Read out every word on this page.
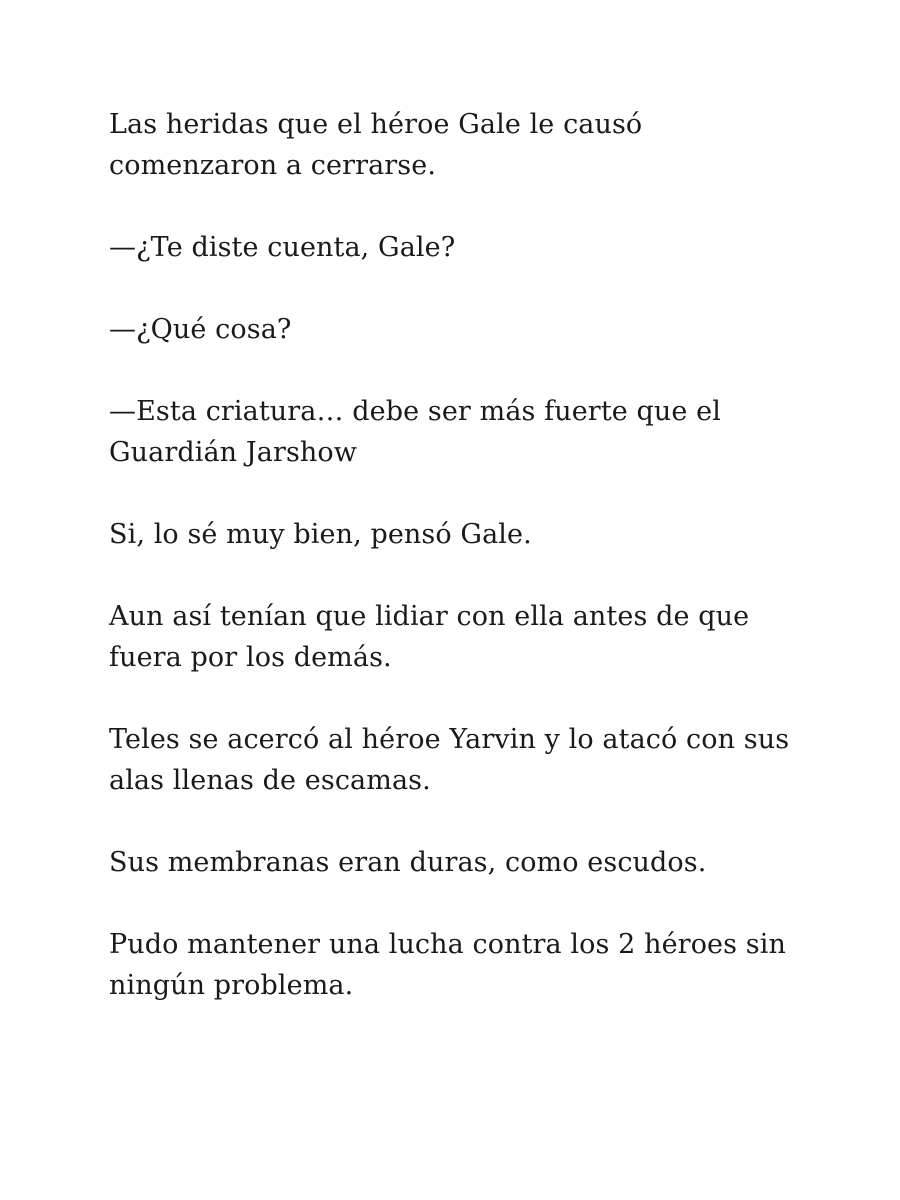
Las heridas que el héroe Gale le causó comenzaron a cerrarse.

—¿Te diste cuenta, Gale?

—¿Qué cosa?

—Esta criatura… debe ser más fuerte que el Guardián Jarshow

Si, lo sé muy bien, pensó Gale.

Aun así tenían que lidiar con ella antes de que fuera por los demás.

Teles se acercó al héroe Yarvin y lo atacó con sus alas llenas de escamas.

Sus membranas eran duras, como escudos.

Pudo mantener una lucha contra los 2 héroes sin ningún problema.
